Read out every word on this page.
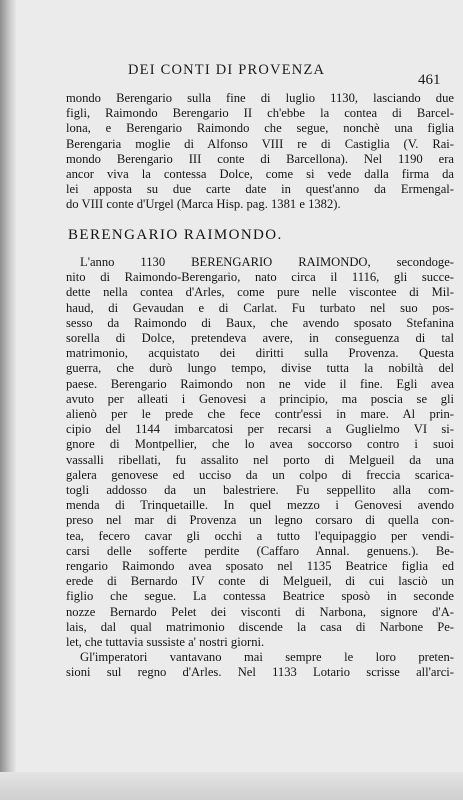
DEI CONTI DI PROVENZA
461
mondo Berengario sulla fine di luglio 1130, lasciando due
figli, Raimondo Berengario II ch'ebbe la contea di Barcel-
lona, e Berengario Raimondo che segue, nonchè una figlia
Berengaria moglie di Alfonso VIII re di Castiglia (V. Rai-
mondo Berengario III conte di Barcellona). Nel 1190 era
ancor viva la contessa Dolce, come si vede dalla firma da
lei apposta su due carte date in quest'anno da Ermengal-
do VIII conte d'Urgel (Marca Hisp. pag. 1381 e 1382).
BERENGARIO RAIMONDO.
L'anno 1130 BERENGARIO RAIMONDO, secondoge-
nito di Raimondo-Berengario, nato circa il 1116, gli succe-
dette nella contea d'Arles, come pure nelle viscontee di Mil-
haud, di Gevaudan e di Carlat. Fu turbato nel suo pos-
sesso da Raimondo di Baux, che avendo sposato Stefanina
sorella di Dolce, pretendeva avere, in conseguenza di tal
matrimonio, acquistato dei diritti sulla Provenza. Questa
guerra, che durò lungo tempo, divise tutta la nobiltà del
paese. Berengario Raimondo non ne vide il fine. Egli avea
avuto per alleati i Genovesi a principio, ma poscia se gli
alienò per le prede che fece contr'essi in mare. Al prin-
cipio del 1144 imbarcatosi per recarsi a Guglielmo VI si-
gnore di Montpellier, che lo avea soccorso contro i suoi
vassalli ribellati, fu assalito nel porto di Melgueil da una
galera genovese ed ucciso da un colpo di freccia scarica-
togli addosso da un balestriere. Fu seppellito alla com-
menda di Trinquetaille. In quel mezzo i Genovesi avendo
preso nel mar di Provenza un legno corsaro di quella con-
tea, fecero cavar gli occhi a tutto l'equipaggio per vendi-
carsi delle sofferte perdite (Caffaro Annal. genuens.). Be-
rengario Raimondo avea sposato nel 1135 Beatrice figlia ed
erede di Bernardo IV conte di Melgueil, di cui lasciò un
figlio che segue. La contessa Beatrice sposò in seconde
nozze Bernardo Pelet dei visconti di Narbona, signore d'A-
lais, dal qual matrimonio discende la casa di Narbone Pe-
let, che tuttavia sussiste a' nostri giorni.
Gl'imperatori vantavano mai sempre le loro preten-
sioni sul regno d'Arles. Nel 1133 Lotario scrisse all'arci-
